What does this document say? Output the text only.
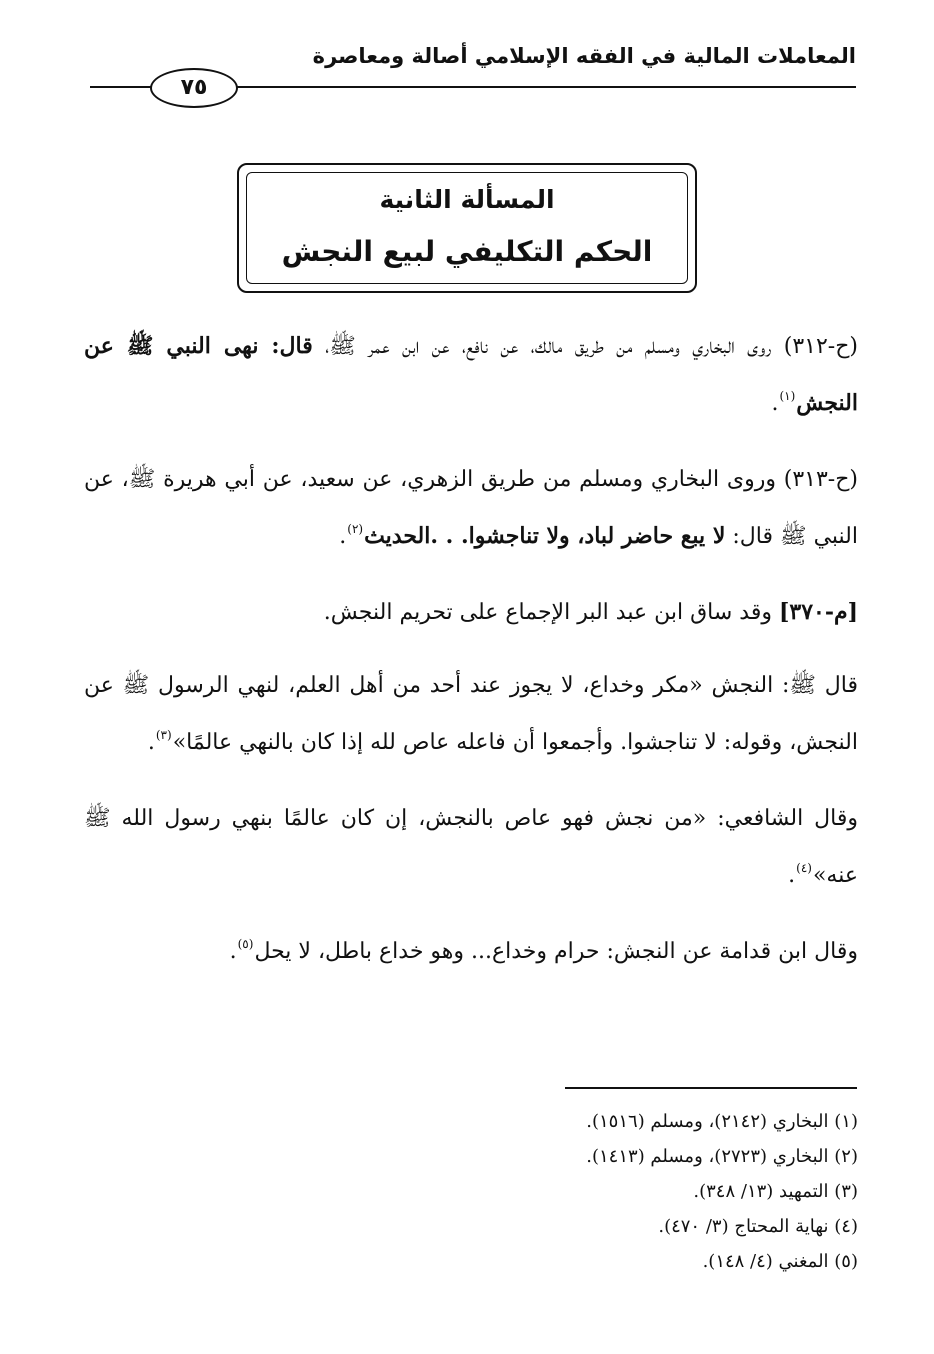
المعاملات المالية في الفقه الإسلامي أصالة ومعاصرة
٧٥
المسألة الثانية
الحكم التكليفي لبيع النجش

(ح-٣١٢) روى البخاري ومسلم من طريق مالك، عن نافع، عن ابن عمر ﷺ، قال: نهى النبي ﷺ عن النجش$^{(١)}$.

(ح-٣١٣) وروى البخاري ومسلم من طريق الزهري، عن سعيد، عن أبي هريرة ﷺ، عن النبي ﷺ قال: لا يبع حاضر لباد، ولا تناجشوا. . .الحديث$^{(٢)}$.

[م-٣٧٠] وقد ساق ابن عبد البر الإجماع على تحريم النجش.

قال ﷺ: النجش «مكر وخداع، لا يجوز عند أحد من أهل العلم، لنهي الرسول ﷺ عن النجش، وقوله: لا تناجشوا. وأجمعوا أن فاعله عاص لله إذا كان بالنهي عالمًا»$^{(٣)}$.

وقال الشافعي: «من نجش فهو عاص بالنجش، إن كان عالمًا بنهي رسول الله ﷺ عنه»$^{(٤)}$.

وقال ابن قدامة عن النجش: حرام وخداع... وهو خداع باطل، لا يحل$^{(٥)}$.

(١) البخاري (٢١٤٢)، ومسلم (١٥١٦).
(٢) البخاري (٢٧٢٣)، ومسلم (١٤١٣).
(٣) التمهيد (١٣/ ٣٤٨).
(٤) نهاية المحتاج (٣/ ٤٧٠).
(٥) المغني (٤/ ١٤٨).
